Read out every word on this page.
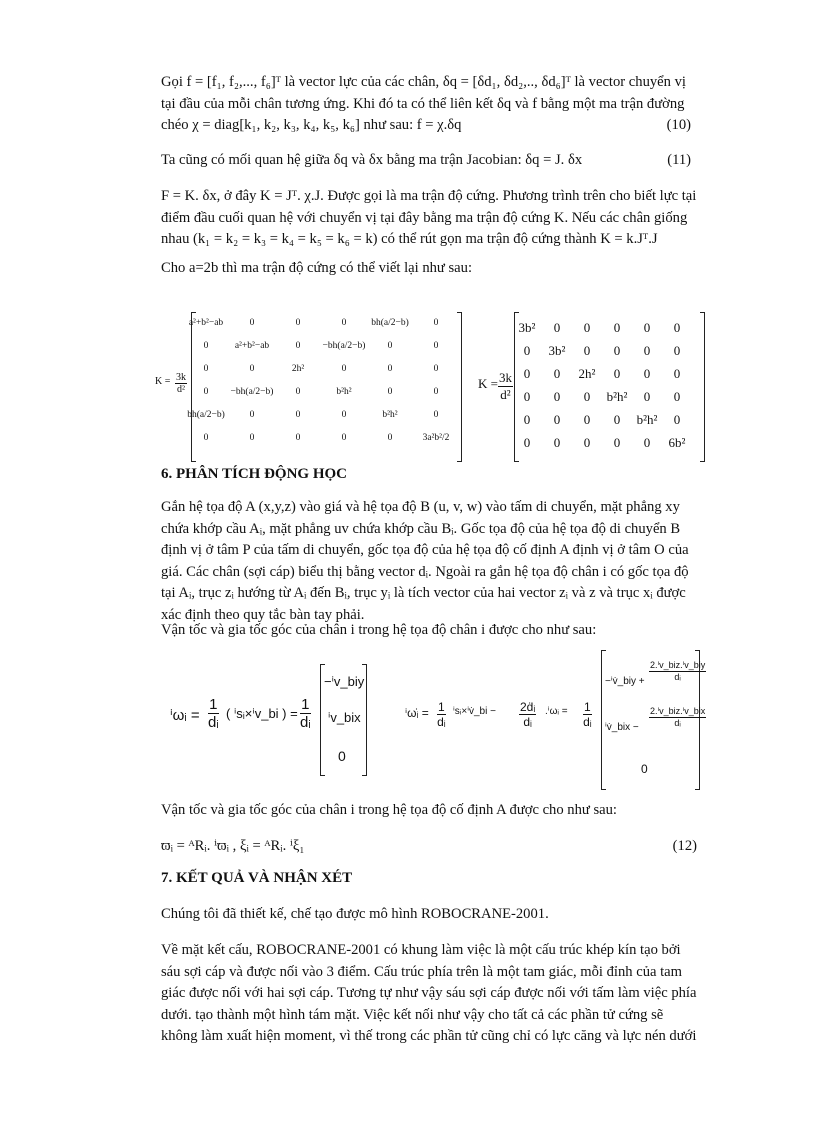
Gọi f = [f₁, f₂,..., f₆]ᵀ là vector lực của các chân, δq = [δd₁, δd₂,.., δd₆]ᵀ là vector chuyển vị
tại đầu của mỗi chân tương ứng. Khi đó ta có thể liên kết δq và f bằng một ma trận đường
chéo χ = diag[k₁, k₂, k₃, k₄, k₅, k₆] như sau: f = χ.δq	(10)

Ta cũng có mối quan hệ giữa δq và δx bằng ma trận Jacobian: δq = J. δx	(11)

F = K. δx, ở đây K = Jᵀ. χ.J. Được gọi là ma trận độ cứng. Phương trình trên cho biết lực tại
điểm đầu cuối quan hệ với chuyển vị tại đây bằng ma trận độ cứng K. Nếu các chân giống
nhau (k₁ = k₂ = k₃ = k₄ = k₅ = k₆ = k) có thể rút gọn ma trận độ cứng thành K = k.Jᵀ.J

Cho a=2b thì ma trận độ cứng có thể viết lại như sau:

$K = \frac{3k}{\text{d²}}$
a²+b²−ab	0	0	0	bh(a/2−b)	0
0	a²+b²−ab	0	−bh(a/2−b)	0	0
0	0	2h²	0	0	0
0	−bh(a/2−b)	0	b²h²	0	0
bh(a/2−b)	0	0	0	b²h²	0
0	0	0	0	0	3a²b²/2
$K = \frac{3k}{\text{d²}}$
3b²	0	0	0	0	0
0	3b²	0	0	0	0
0	0	2h²	0	0	0
0	0	0	b²h²	0	0
0	0	0	0	b²h²	0
0	0	0	0	0	6b²
6. PHÂN TÍCH ĐỘNG HỌC

Gắn hệ tọa độ A (x,y,z) vào giá và hệ tọa độ B (u, v, w) vào tấm di chuyển, mặt phẳng xy
chứa khớp cầu Aᵢ, mặt phẳng uv chứa khớp cầu Bᵢ. Gốc tọa độ của hệ tọa độ di chuyển B
định vị ở tâm P của tấm di chuyển, gốc tọa độ của hệ tọa độ cố định A định vị ở tâm O của
giá. Các chân (sợi cáp) biểu thị bằng vector dᵢ. Ngoài ra gắn hệ tọa độ chân i có gốc tọa độ
tại Aᵢ, trục zᵢ hướng từ Aᵢ đến Bᵢ, trục yᵢ là tích vector của hai vector zᵢ và z và trục xᵢ được
xác định theo quy tắc bàn tay phải.

Vận tốc và gia tốc góc của chân i trong hệ tọa độ chân i được cho như sau:

ⁱωᵢ = $\frac{1}{\text{dᵢ}}$ ( ⁱsᵢ×ⁱv_bi ) = $\frac{1}{\text{dᵢ}}$
−ⁱv_biy
ⁱv_bix
0
ⁱω̇ᵢ = $\frac{1}{\text{dᵢ}}$ ⁱsᵢ×ⁱv̇_bi − $\frac{\text{2ḋᵢ}}{\text{dᵢ}}$ .ⁱωᵢ = $\frac{1}{\text{dᵢ}}$
−ⁱv̇_biy +
2.ⁱv_biz.ⁱv_biy
dᵢ
ⁱv̇_bix −
2.ⁱv_biz.ⁱv_bix
dᵢ
0

Vận tốc và gia tốc góc của chân i trong hệ tọa độ cố định A được cho như sau:

ϖᵢ = ᴬRᵢ. ⁱϖᵢ , ξᵢ = ᴬRᵢ. ⁱξ₁	(12)

7. KẾT QUẢ VÀ NHẬN XÉT

Chúng tôi đã thiết kế, chế tạo được mô hình ROBOCRANE-2001.

Về mặt kết cấu, ROBOCRANE-2001 có khung làm việc là một cấu trúc khép kín tạo bởi
sáu sợi cáp và được nối vào 3 điểm. Cấu trúc phía trên là một tam giác, mỗi đỉnh của tam
giác được nối với hai sợi cáp. Tương tự như vậy sáu sợi cáp được nối với tấm làm việc phía
dưới. tạo thành một hình tám mặt. Việc kết nối như vậy cho tất cả các phần tử cứng sẽ
không làm xuất hiện moment, vì thế trong các phần tử cũng chỉ có lực căng và lực nén dưới
